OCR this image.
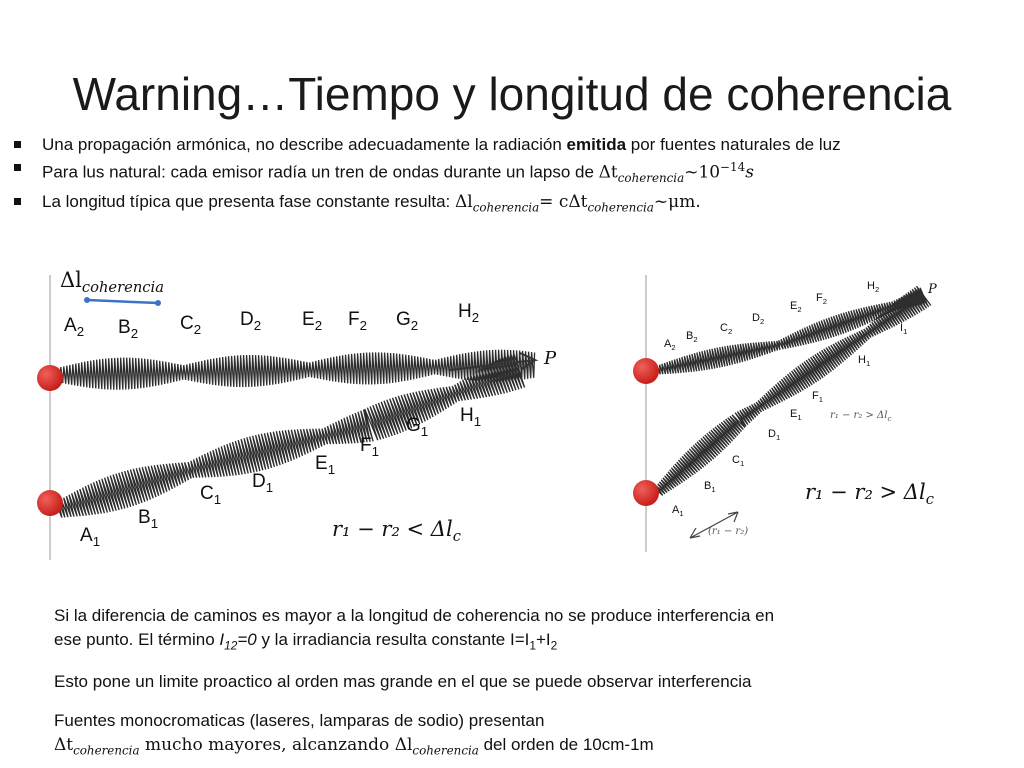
Warning…Tiempo y longitud de coherencia
Una propagación armónica, no describe adecuadamente la radiación emitida por fuentes naturales de luz
Para lus natural: cada emisor radía un tren de ondas durante un lapso de $\Delta t_{coherencia}\sim 10^{-14}s$
La longitud típica que presenta fase constante resulta: $\Delta l_{coherencia}=$ cΔt$_{coherencia}$~μm.
$\Delta l_{coherencia}$
$A_2$ $B_2$ $C_2$ $D_2$ $E_2$ $F_2$ $G_2$
$H_2$
$A_1$
$B_1$
$C_1$
$D_1$
$E_1$
$F_1$
$G_1$
$H_1$
P
$r_1 - r_2 < \Delta l_c$
$A_2$
$B_2$
$C_2$
$D_2$
$E_2$
$F_2$
$H_2$
$A_1$
$B_1$
$C_1$
$D_1$
$E_1$
$F_1$
$H_1$
$I_1$
P
$r_1 - r_2 > \Delta l_c$
(r₁ − r₂)
$r_1 - r_2 > \Delta l_c$
Si la diferencia de caminos es mayor a la longitud de coherencia no se produce interferencia en
ese punto. El término $I_{12}=0$ y la irradiancia resulta constante $I=I_1+I_2$
Esto pone un limite proactico al orden mas grande en el que se puede observar interferencia
Fuentes monocromaticas (laseres, lamparas de sodio) presentan
$\Delta t_{coherencia}$ mucho mayores, alcanzando $\Delta l_{coherencia}$ del orden de 10cm-1m
